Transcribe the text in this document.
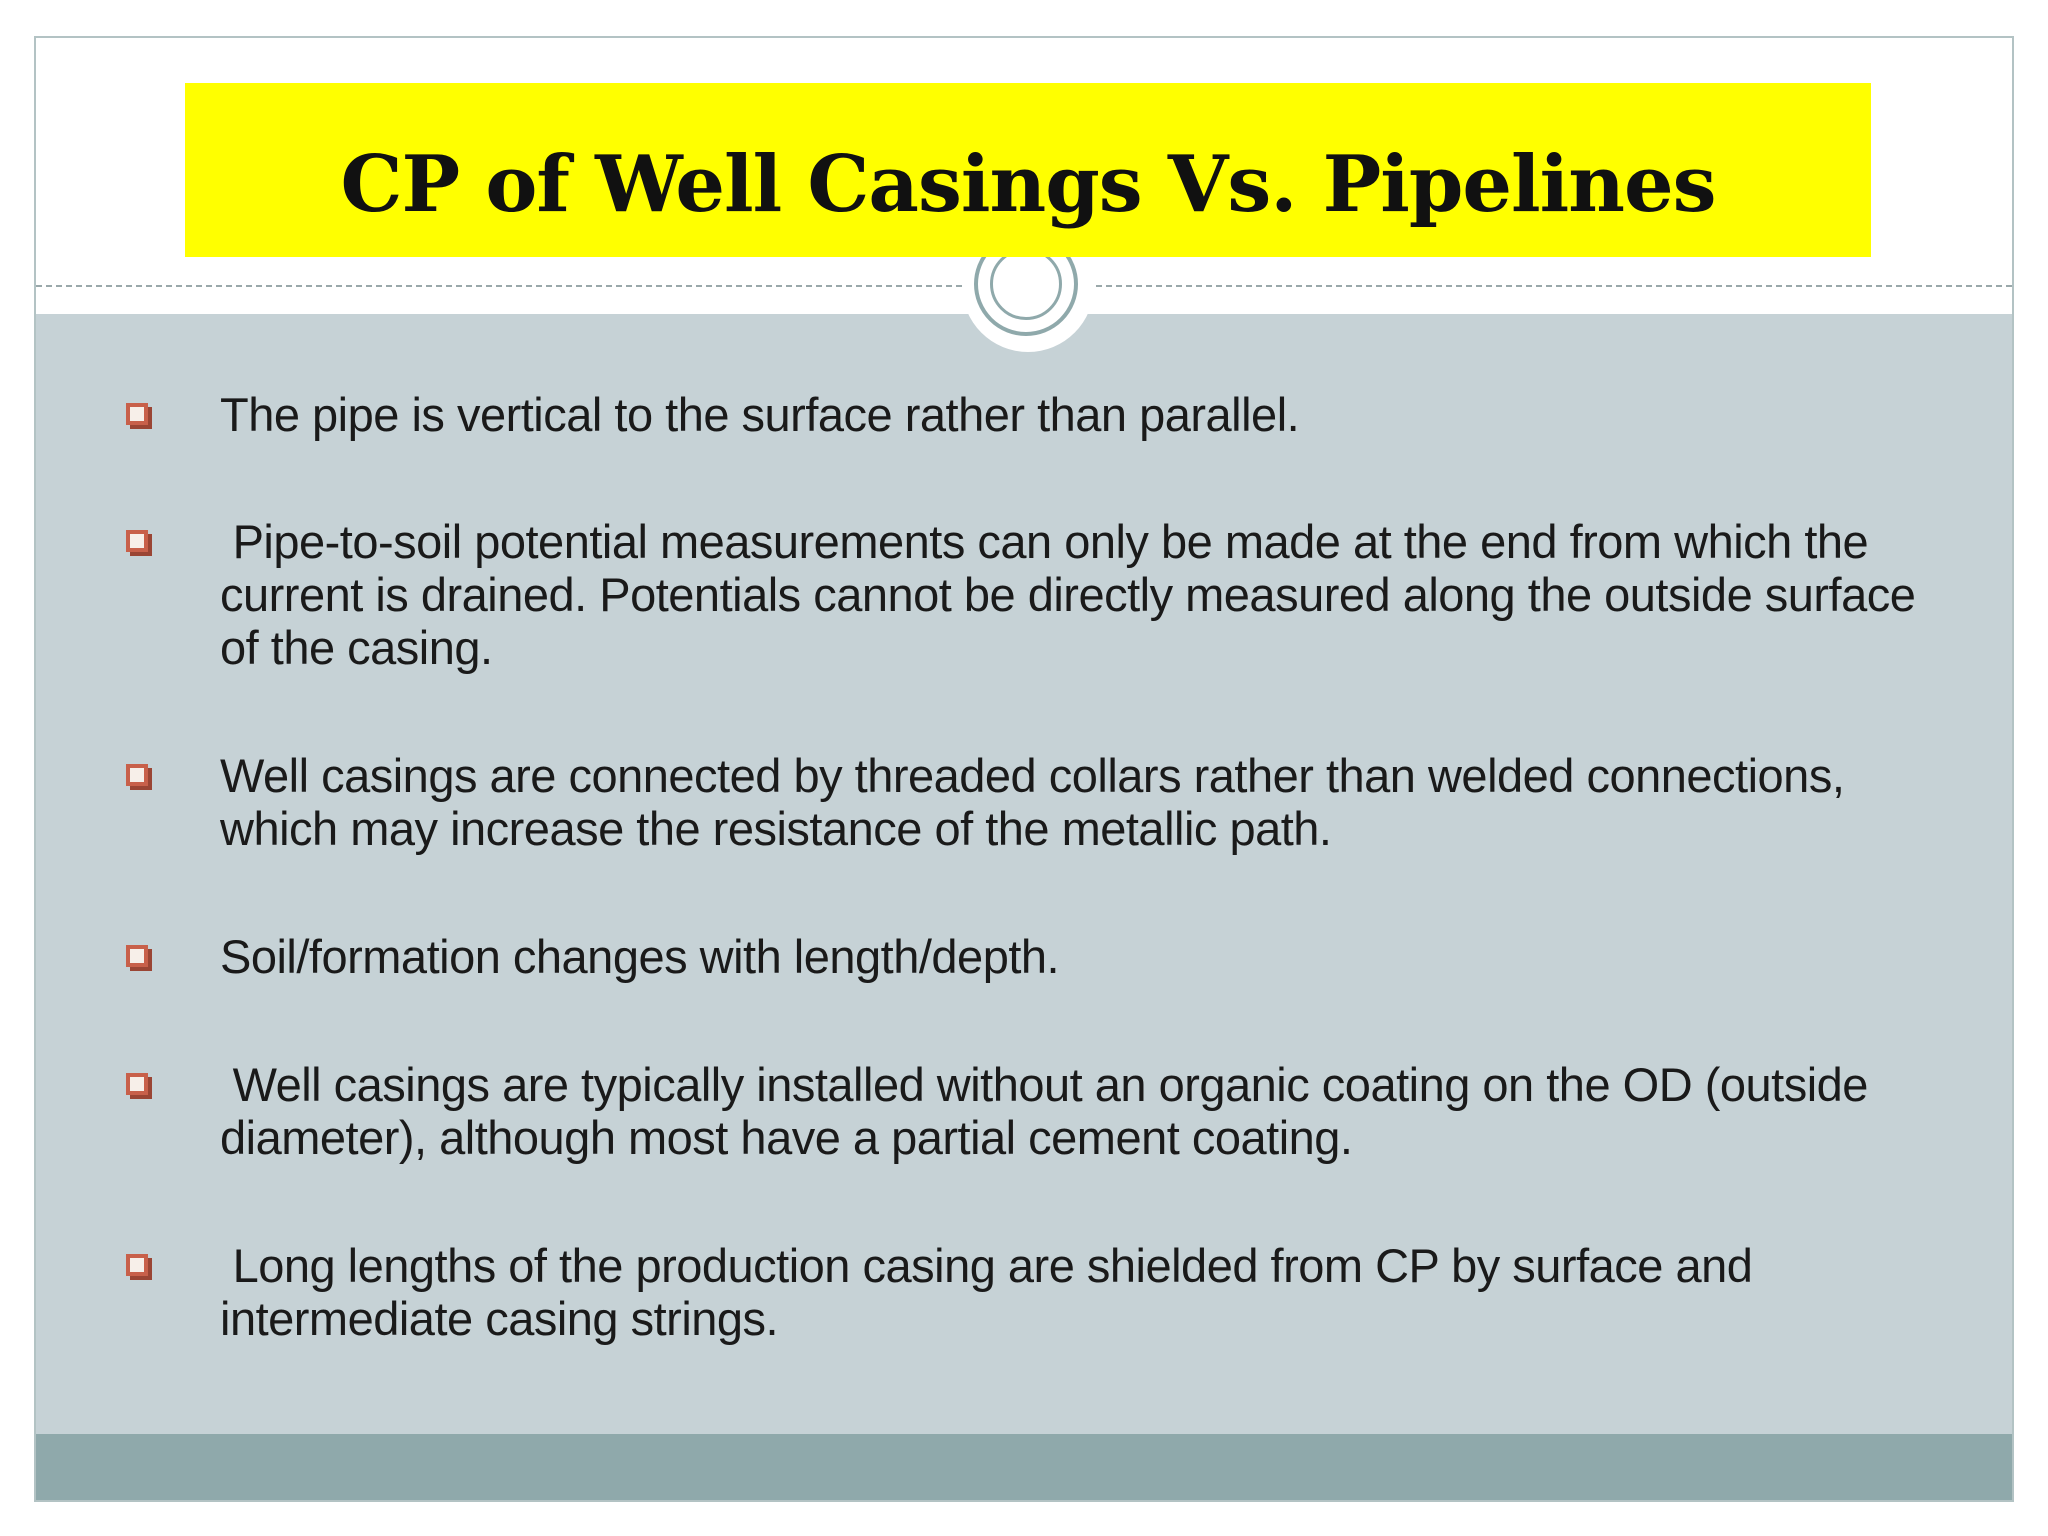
CP of Well Casings Vs. Pipelines
The pipe is vertical to the surface rather than parallel.
Pipe-to-soil potential measurements can only be made at the end from which the current is drained. Potentials cannot be directly measured along the outside surface of the casing.
Well casings are connected by threaded collars rather than welded connections, which may increase the resistance of the metallic path.
Soil/formation changes with length/depth.
Well casings are typically installed without an organic coating on the OD (outside diameter), although most have a partial cement coating.
Long lengths of the production casing are shielded from CP by surface and intermediate casing strings.
